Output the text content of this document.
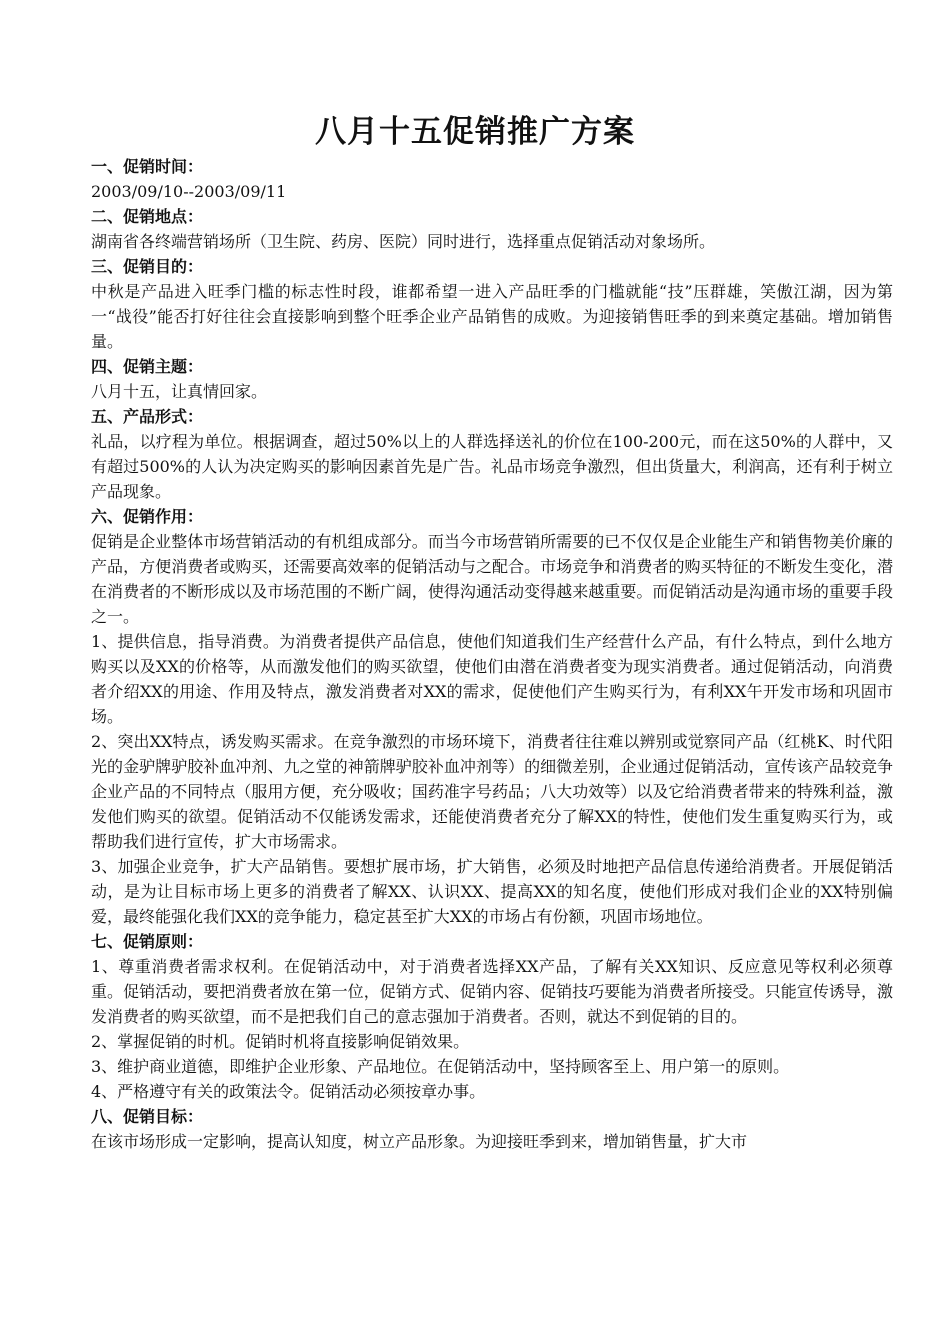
八月十五促销推广方案
一、促销时间：
2003/09/10--2003/09/11
二、促销地点：
湖南省各终端营销场所（卫生院、药房、医院）同时进行，选择重点促销活动对象场所。
三、促销目的：
中秋是产品进入旺季门槛的标志性时段，谁都希望一进入产品旺季的门槛就能“技”压群雄，笑傲江湖，因为第一“战役”能否打好往往会直接影响到整个旺季企业产品销售的成败。为迎接销售旺季的到来奠定基础。增加销售量。
四、促销主题：
八月十五，让真情回家。
五、产品形式：
礼品，以疗程为单位。根据调查，超过50%以上的人群选择送礼的价位在100-200元，而在这50%的人群中，又有超过500%的人认为决定购买的影响因素首先是广告。礼品市场竞争激烈，但出货量大，利润高，还有利于树立产品现象。
六、促销作用：
促销是企业整体市场营销活动的有机组成部分。而当今市场营销所需要的已不仅仅是企业能生产和销售物美价廉的产品，方便消费者或购买，还需要高效率的促销活动与之配合。市场竞争和消费者的购买特征的不断发生变化，潜在消费者的不断形成以及市场范围的不断广阔，使得沟通活动变得越来越重要。而促销活动是沟通市场的重要手段之一。
1、提供信息，指导消费。为消费者提供产品信息，使他们知道我们生产经营什么产品，有什么特点，到什么地方购买以及XX的价格等，从而激发他们的购买欲望，使他们由潜在消费者变为现实消费者。通过促销活动，向消费者介绍XX的用途、作用及特点，激发消费者对XX的需求，促使他们产生购买行为，有利XX午开发市场和巩固市场。
2、突出XX特点，诱发购买需求。在竞争激烈的市场环境下，消费者往往难以辨别或觉察同产品（红桃K、时代阳光的金驴牌驴胶补血冲剂、九之堂的神箭牌驴胶补血冲剂等）的细微差别，企业通过促销活动，宣传该产品较竞争企业产品的不同特点（服用方便，充分吸收；国药准字号药品；八大功效等）以及它给消费者带来的特殊利益，激发他们购买的欲望。促销活动不仅能诱发需求，还能使消费者充分了解XX的特性，使他们发生重复购买行为，或帮助我们进行宣传，扩大市场需求。
3、加强企业竞争，扩大产品销售。要想扩展市场，扩大销售，必须及时地把产品信息传递给消费者。开展促销活动，是为让目标市场上更多的消费者了解XX、认识XX、提高XX的知名度，使他们形成对我们企业的XX特别偏爱，最终能强化我们XX的竞争能力，稳定甚至扩大XX的市场占有份额，巩固市场地位。
七、促销原则：
1、尊重消费者需求权利。在促销活动中，对于消费者选择XX产品，了解有关XX知识、反应意见等权利必须尊重。促销活动，要把消费者放在第一位，促销方式、促销内容、促销技巧要能为消费者所接受。只能宣传诱导，激发消费者的购买欲望，而不是把我们自己的意志强加于消费者。否则，就达不到促销的目的。
2、掌握促销的时机。促销时机将直接影响促销效果。
3、维护商业道德，即维护企业形象、产品地位。在促销活动中，坚持顾客至上、用户第一的原则。
4、严格遵守有关的政策法令。促销活动必须按章办事。
八、促销目标：
在该市场形成一定影响，提高认知度，树立产品形象。为迎接旺季到来，增加销售量，扩大市
